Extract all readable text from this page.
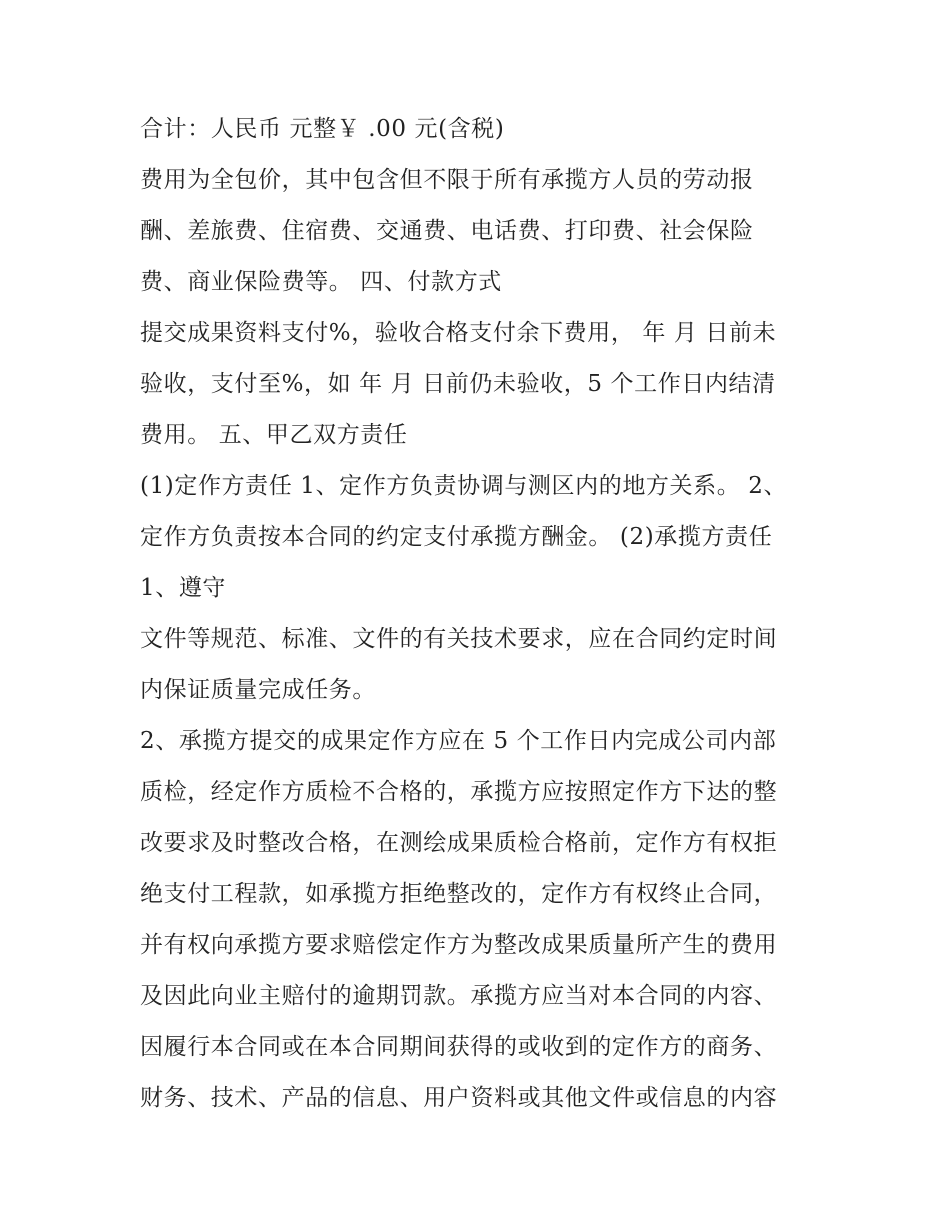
合计：人民币 元整￥ .00 元(含税)
费用为全包价，其中包含但不限于所有承揽方人员的劳动报
酬、差旅费、住宿费、交通费、电话费、打印费、社会保险
费、商业保险费等。 四、付款方式
提交成果资料支付%，验收合格支付余下费用， 年 月 日前未
验收，支付至%，如 年 月 日前仍未验收，5 个工作日内结清
费用。 五、甲乙双方责任
(1)定作方责任 1、定作方负责协调与测区内的地方关系。 2、
定作方负责按本合同的约定支付承揽方酬金。 (2)承揽方责任
1、遵守
文件等规范、标准、文件的有关技术要求，应在合同约定时间
内保证质量完成任务。
2、承揽方提交的成果定作方应在 5 个工作日内完成公司内部
质检，经定作方质检不合格的，承揽方应按照定作方下达的整
改要求及时整改合格，在测绘成果质检合格前，定作方有权拒
绝支付工程款，如承揽方拒绝整改的，定作方有权终止合同，
并有权向承揽方要求赔偿定作方为整改成果质量所产生的费用
及因此向业主赔付的逾期罚款。承揽方应当对本合同的内容、
因履行本合同或在本合同期间获得的或收到的定作方的商务、
财务、技术、产品的信息、用户资料或其他文件或信息的内容
